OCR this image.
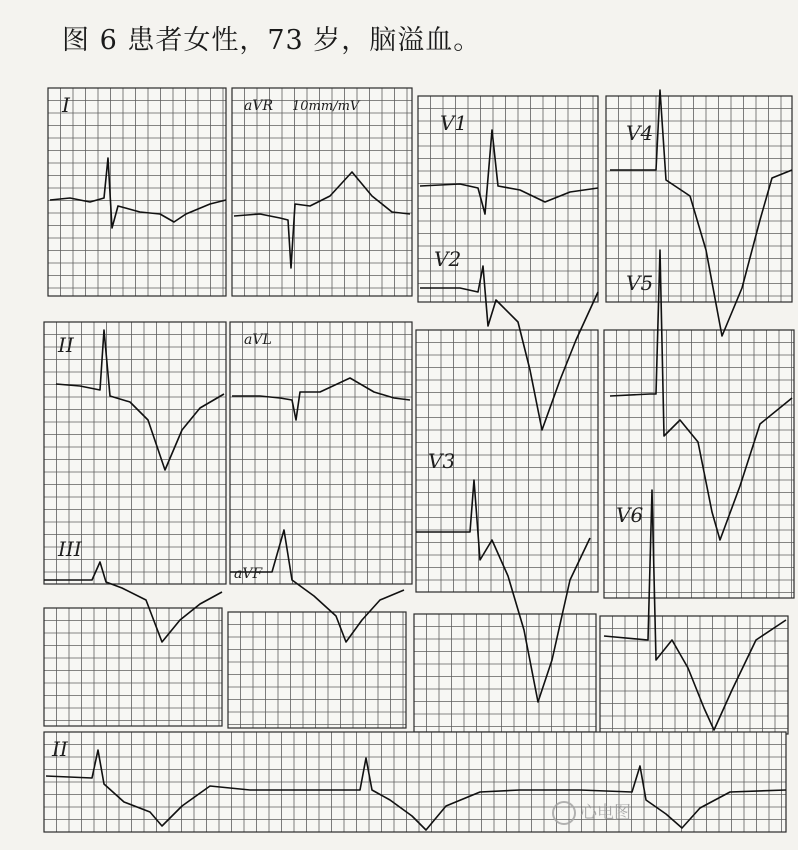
图 6 患者女性，73 岁，脑溢血。
I	aVR
V1	V4
V2
V5
II	aVL
V3
V6
III
aVF
II
10mm/mV
心电图
